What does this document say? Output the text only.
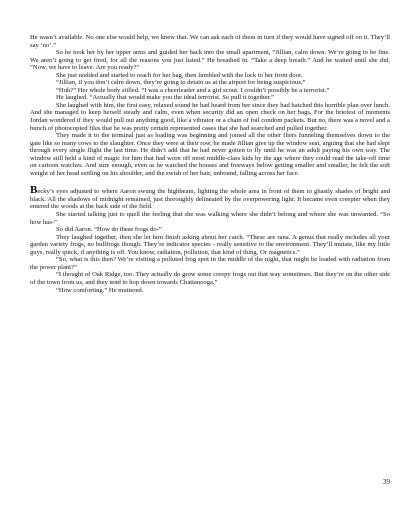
He wasn’t available. No one else would help, we knew that. We can ask each of them in turn if they would have signed off on it. They’ll say ‘no’.”

So he took her by her upper arms and guided her back into the small apartment, “Jillian, calm down. We’re going to be fine. We aren’t going to get fired, for all the reasons you just listed.” He breathed in. “Take a deep breath.” And he waited until she did, “Now, we have to leave. Are you ready?”

She just nodded and started to reach for her bag, then fumbled with the lock to her front door.

“Jillian, if you don’t calm down, they’re going to detain us at the airport for being suspicious.”

“Huh?” Her whole body stilled. “I was a cheerleader and a girl scout. I couldn’t possibly be a terrorist.”

He laughed. “Actually that would make you the ideal terrorist. So pull it together.”

She laughed with him, the first easy, relaxed sound he had heard from her since they had hatched this horrible plan over lunch. And she managed to keep herself steady and calm, even when security did an open check on her bags. For the briefest of moments Jordan wondered if they would pull out anything good, like a vibrator or a chain of foil condom packets. But no, there was a novel and a bunch of photocopied files that he was pretty certain represented cases that she had searched and pulled together.

They made it to the terminal just as loading was beginning and joined all the other fliers funneling themselves down to the gate like so many cows to the slaughter. Once they were at their row, he made Jillian give up the window seat, arguing that she had slept through every single flight the last time. He didn’t add that he had never gotten to fly until he was an adult paying his own way. The window still held a kind of magic for him that had worn off most middle-class kids by the age where they could read the take-off time on cartoon watches. And sure enough, even as he watched the houses and freeways below getting smaller and smaller, he felt the soft weight of her head settling on his shoulder, and the swish of her hair, unbound, falling across her face.

Becky’s eyes adjusted to where Aaron swung the highbeam, lighting the whole area in front of them to ghastly shades of bright and black. All the shadows of midnight remained, just thoroughly delineated by the overpowering light. It became even creepier when they entered the woods at the back side of the field.

She started talking just to quell the feeling that she was walking where she didn’t belong and where she was unwanted. “So how has-”

So did Aaron. “How do these frogs do-”

They laughed together, then she let him finish asking about her catch. “These are rana. A genus that really includes all your garden variety frogs, no bullfrogs though. They’re indicator species - really sensitive to the environment. They’ll mutate, like my little guys, really quick, if anything is off. You know, radiation, pollution, that kind of thing. Or magnetics.”

“So, what is this then? We’re visiting a polluted frog spot in the middle of the night, that might be loaded with radiation from the power plant?”

“I thought of Oak Ridge, too. They actually do grow some creepy frogs out that way sometimes. But they’re on the other side of the town from us, and they tend to hop down towards Chattanooga.”

“How comforting.” He muttered.

39
